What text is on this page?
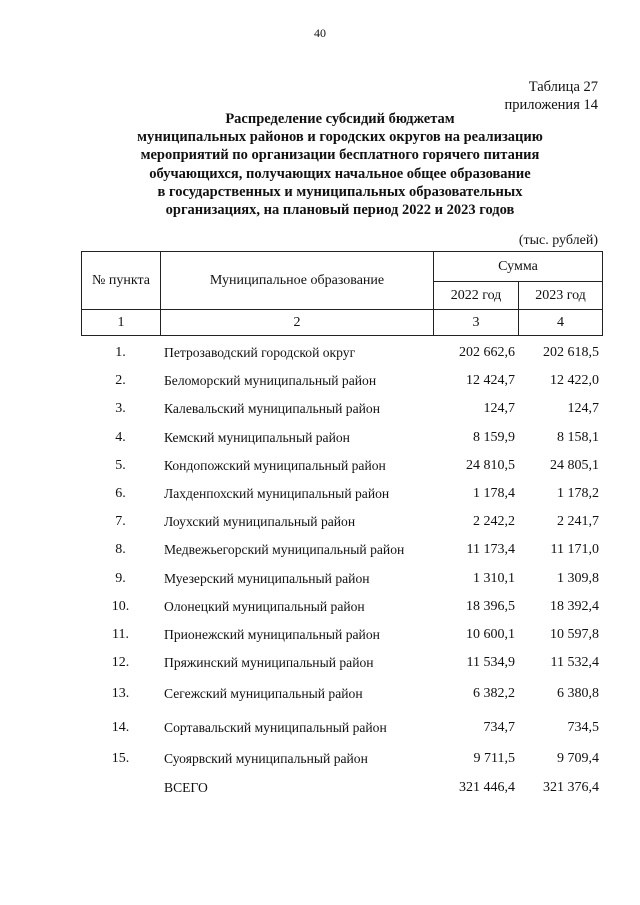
40
Таблица 27
приложения 14
Распределение субсидий бюджетам
муниципальных районов и городских округов на реализацию
мероприятий по организации бесплатного горячего питания
обучающихся, получающих начальное общее образование
в государственных и муниципальных образовательных
организациях, на плановый период 2022 и 2023 годов
(тыс. рублей)
№ пункта	Муниципальное образование	Сумма	
		2022 год	2023 год
1	2	3	4
1.	Петрозаводский городской округ	202 662,6	202 618,5
2.	Беломорский муниципальный район	12 424,7	12 422,0
3.	Калевальский муниципальный район	124,7	124,7
4.	Кемский муниципальный район	8 159,9	8 158,1
5.	Кондопожский муниципальный район	24 810,5	24 805,1
6.	Лахденпохский муниципальный район	1 178,4	1 178,2
7.	Лоухский муниципальный район	2 242,2	2 241,7
8.	Медвежьегорский муниципальный район	11 173,4	11 171,0
9.	Муезерский муниципальный район	1 310,1	1 309,8
10.	Олонецкий муниципальный район	18 396,5	18 392,4
11.	Прионежский муниципальный район	10 600,1	10 597,8
12.	Пряжинский муниципальный район	11 534,9	11 532,4
13.	Сегежский муниципальный район	6 382,2	6 380,8
14.	Сортавальский муниципальный район	734,7	734,5
15.	Суоярвский муниципальный район	9 711,5	9 709,4
	ВСЕГО	321 446,4	321 376,4
